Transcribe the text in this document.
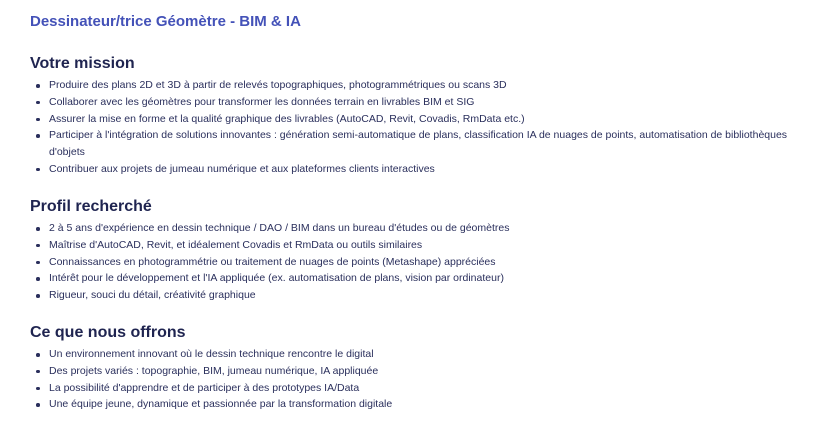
Dessinateur/trice Géomètre - BIM & IA
Votre mission
Produire des plans 2D et 3D à partir de relevés topographiques, photogrammétriques ou scans 3D
Collaborer avec les géomètres pour transformer les données terrain en livrables BIM et SIG
Assurer la mise en forme et la qualité graphique des livrables (AutoCAD, Revit, Covadis, RmData etc.)
Participer à l'intégration de solutions innovantes : génération semi-automatique de plans, classification IA de nuages de points, automatisation de bibliothèques d'objets
Contribuer aux projets de jumeau numérique et aux plateformes clients interactives
Profil recherché
2 à 5 ans d'expérience en dessin technique / DAO / BIM dans un bureau d'études ou de géomètres
Maîtrise d'AutoCAD, Revit, et idéalement Covadis et RmData ou outils similaires
Connaissances en photogrammétrie ou traitement de nuages de points (Metashape) appréciées
Intérêt pour le développement et l'IA appliquée (ex. automatisation de plans, vision par ordinateur)
Rigueur, souci du détail, créativité graphique
Ce que nous offrons
Un environnement innovant où le dessin technique rencontre le digital
Des projets variés : topographie, BIM, jumeau numérique, IA appliquée
La possibilité d'apprendre et de participer à des prototypes IA/Data
Une équipe jeune, dynamique et passionnée par la transformation digitale
